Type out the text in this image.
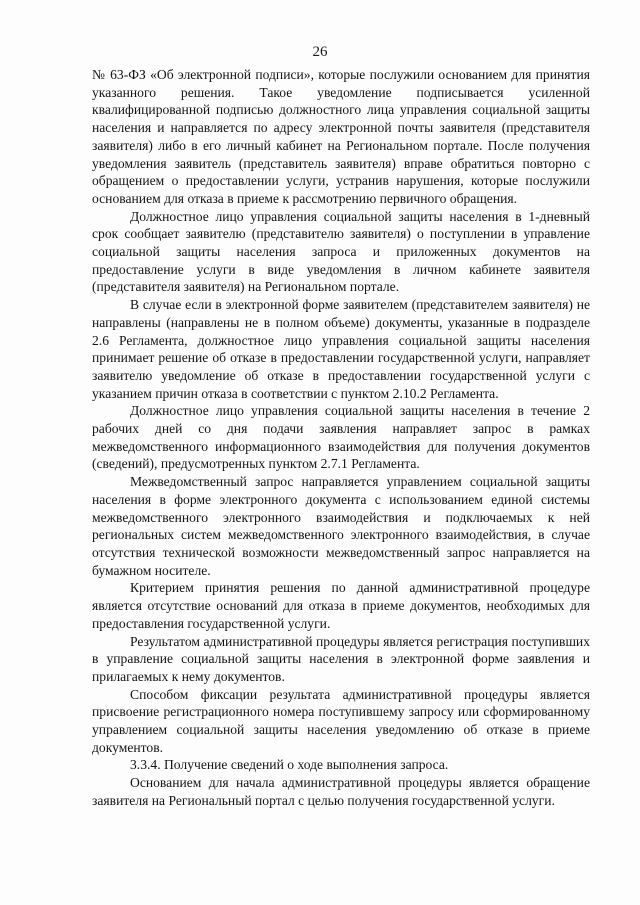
26

№ 63-ФЗ «Об электронной подписи», которые послужили основанием для принятия указанного решения. Такое уведомление подписывается усиленной квалифицированной подписью должностного лица управления социальной защиты населения и направляется по адресу электронной почты заявителя (представителя заявителя) либо в его личный кабинет на Региональном портале. После получения уведомления заявитель (представитель заявителя) вправе обратиться повторно с обращением о предоставлении услуги, устранив нарушения, которые послужили основанием для отказа в приеме к рассмотрению первичного обращения.

Должностное лицо управления социальной защиты населения в 1-дневный срок сообщает заявителю (представителю заявителя) о поступлении в управление социальной защиты населения запроса и приложенных документов на предоставление услуги в виде уведомления в личном кабинете заявителя (представителя заявителя) на Региональном портале.

В случае если в электронной форме заявителем (представителем заявителя) не направлены (направлены не в полном объеме) документы, указанные в подразделе 2.6 Регламента, должностное лицо управления социальной защиты населения принимает решение об отказе в предоставлении государственной услуги, направляет заявителю уведомление об отказе в предоставлении государственной услуги с указанием причин отказа в соответствии с пунктом 2.10.2 Регламента.

Должностное лицо управления социальной защиты населения в течение 2 рабочих дней со дня подачи заявления направляет запрос в рамках межведомственного информационного взаимодействия для получения документов (сведений), предусмотренных пунктом 2.7.1 Регламента.

Межведомственный запрос направляется управлением социальной защиты населения в форме электронного документа с использованием единой системы межведомственного электронного взаимодействия и подключаемых к ней региональных систем межведомственного электронного взаимодействия, в случае отсутствия технической возможности межведомственный запрос направляется на бумажном носителе.

Критерием принятия решения по данной административной процедуре является отсутствие оснований для отказа в приеме документов, необходимых для предоставления государственной услуги.

Результатом административной процедуры является регистрация поступивших в управление социальной защиты населения в электронной форме заявления и прилагаемых к нему документов.

Способом фиксации результата административной процедуры является присвоение регистрационного номера поступившему запросу или сформированному управлением социальной защиты населения уведомлению об отказе в приеме документов.

3.3.4. Получение сведений о ходе выполнения запроса.

Основанием для начала административной процедуры является обращение заявителя на Региональный портал с целью получения государственной услуги.
